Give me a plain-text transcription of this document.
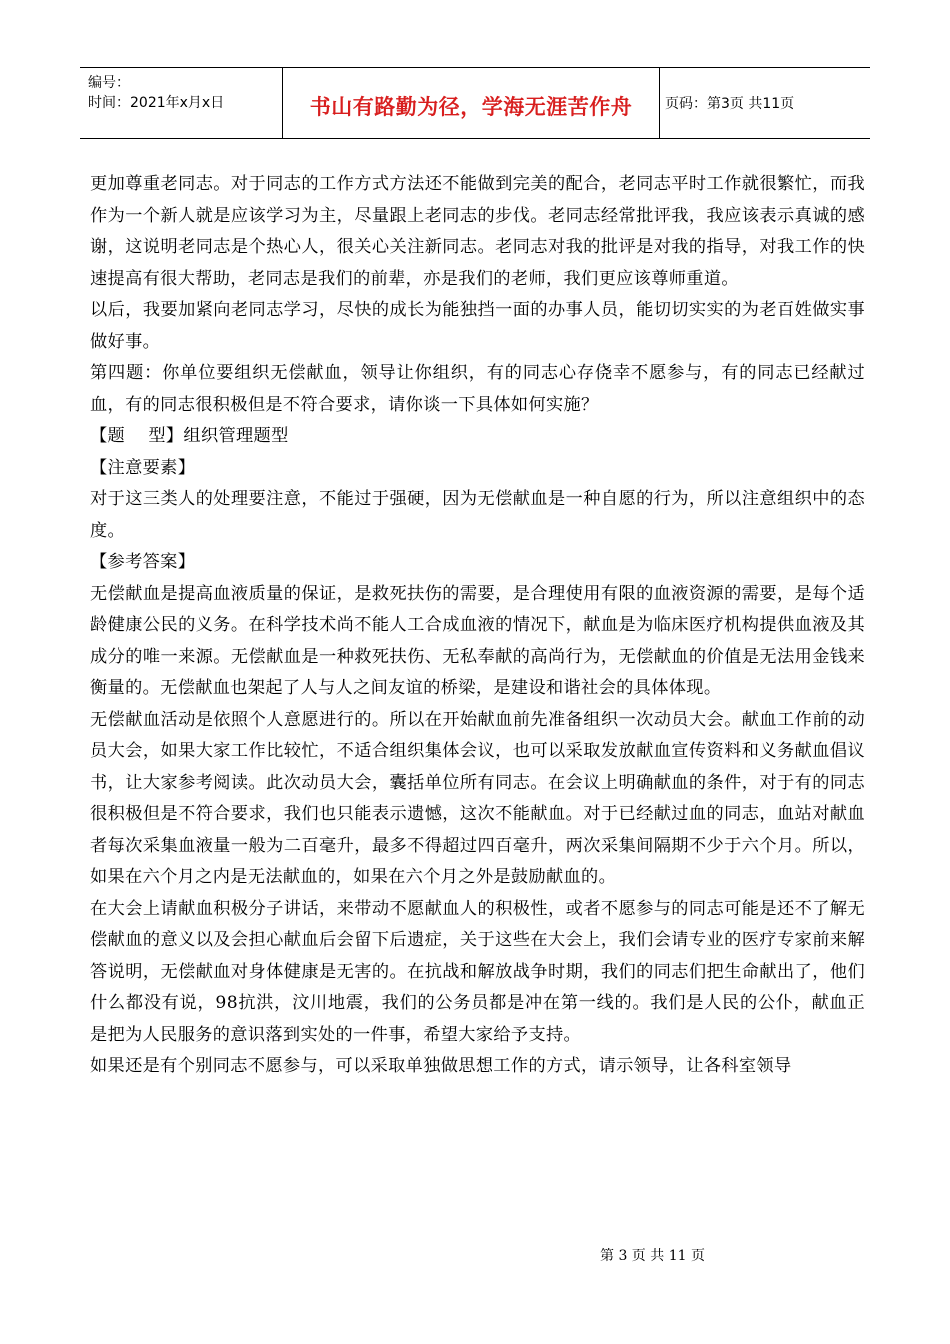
编号：
时间：2021年x月x日	书山有路勤为径，学海无涯苦作舟	页码：第3页 共11页

更加尊重老同志。对于同志的工作方式方法还不能做到完美的配合，老同志平时工作就很繁忙，而我作为一个新人就是应该学习为主，尽量跟上老同志的步伐。老同志经常批评我，我应该表示真诚的感谢，这说明老同志是个热心人，很关心关注新同志。老同志对我的批评是对我的指导，对我工作的快速提高有很大帮助，老同志是我们的前辈，亦是我们的老师，我们更应该尊师重道。

以后，我要加紧向老同志学习，尽快的成长为能独挡一面的办事人员，能切切实实的为老百姓做实事做好事。

第四题：你单位要组织无偿献血，领导让你组织，有的同志心存侥幸不愿参与，有的同志已经献过血，有的同志很积极但是不符合要求，请你谈一下具体如何实施？

【题    型】组织管理题型

【注意要素】

对于这三类人的处理要注意，不能过于强硬，因为无偿献血是一种自愿的行为，所以注意组织中的态度。

【参考答案】

无偿献血是提高血液质量的保证，是救死扶伤的需要，是合理使用有限的血液资源的需要，是每个适龄健康公民的义务。在科学技术尚不能人工合成血液的情况下，献血是为临床医疗机构提供血液及其成分的唯一来源。无偿献血是一种救死扶伤、无私奉献的高尚行为，无偿献血的价值是无法用金钱来衡量的。无偿献血也架起了人与人之间友谊的桥梁，是建设和谐社会的具体体现。

无偿献血活动是依照个人意愿进行的。所以在开始献血前先准备组织一次动员大会。献血工作前的动员大会，如果大家工作比较忙，不适合组织集体会议，也可以采取发放献血宣传资料和义务献血倡议书，让大家参考阅读。此次动员大会，囊括单位所有同志。在会议上明确献血的条件，对于有的同志很积极但是不符合要求，我们也只能表示遗憾，这次不能献血。对于已经献过血的同志，血站对献血者每次采集血液量一般为二百毫升，最多不得超过四百毫升，两次采集间隔期不少于六个月。所以，如果在六个月之内是无法献血的，如果在六个月之外是鼓励献血的。

在大会上请献血积极分子讲话，来带动不愿献血人的积极性，或者不愿参与的同志可能是还不了解无偿献血的意义以及会担心献血后会留下后遗症，关于这些在大会上，我们会请专业的医疗专家前来解答说明，无偿献血对身体健康是无害的。在抗战和解放战争时期，我们的同志们把生命献出了，他们什么都没有说，98抗洪，汶川地震，我们的公务员都是冲在第一线的。我们是人民的公仆，献血正是把为人民服务的意识落到实处的一件事，希望大家给予支持。

如果还是有个别同志不愿参与，可以采取单独做思想工作的方式，请示领导，让各科室领导

第 3 页 共 11 页
